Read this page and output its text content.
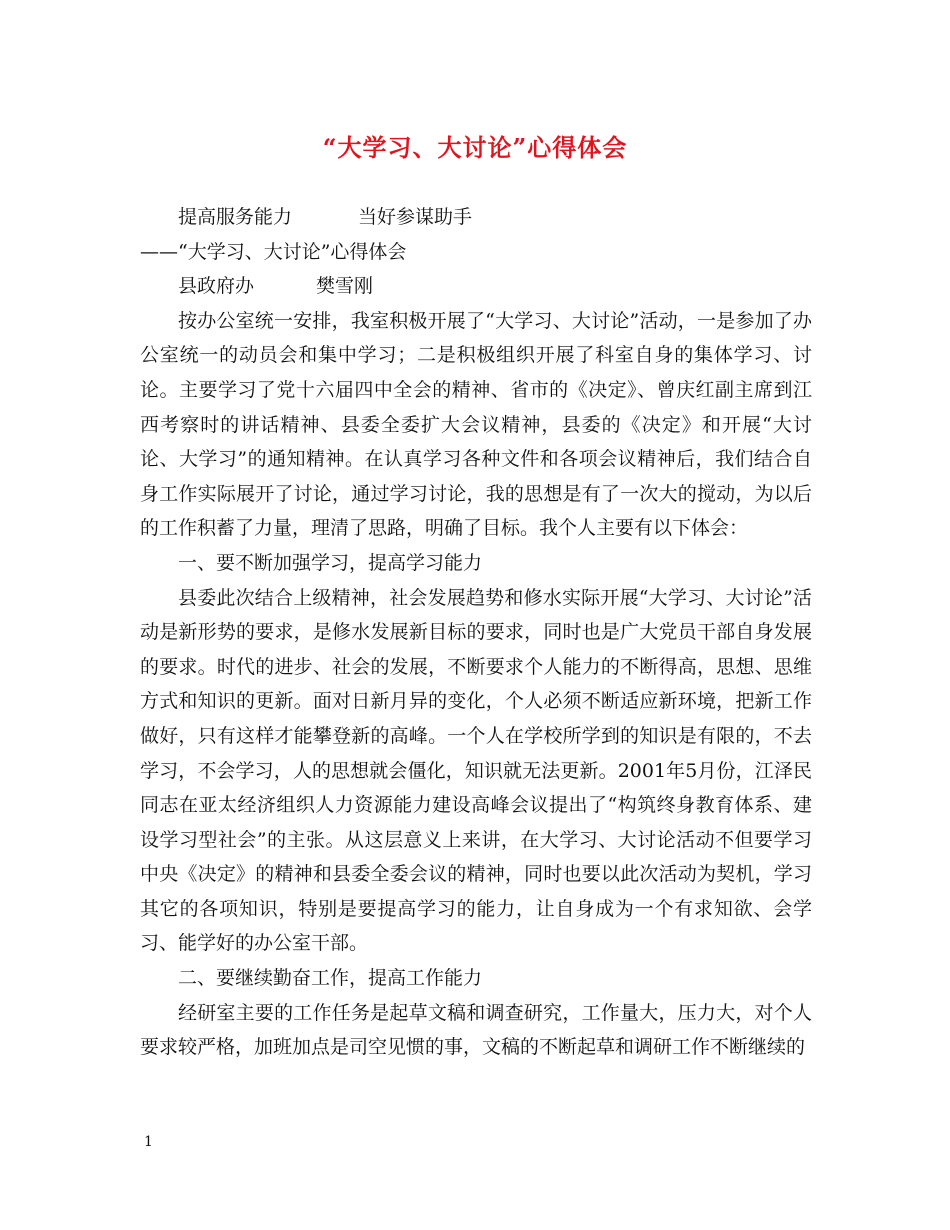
“大学习、大讨论”心得体会
提高服务能力	当好参谋助手
——“大学习、大讨论”心得体会
县政府办	樊雪刚

按办公室统一安排，我室积极开展了“大学习、大讨论”活动，一是参加了办公室统一的动员会和集中学习；二是积极组织开展了科室自身的集体学习、讨论。主要学习了党十六届四中全会的精神、省市的《决定》、曾庆红副主席到江西考察时的讲话精神、县委全委扩大会议精神，县委的《决定》和开展“大讨论、大学习”的通知精神。在认真学习各种文件和各项会议精神后，我们结合自身工作实际展开了讨论，通过学习讨论，我的思想是有了一次大的搅动，为以后的工作积蓄了力量，理清了思路，明确了目标。我个人主要有以下体会：

一、要不断加强学习，提高学习能力

县委此次结合上级精神，社会发展趋势和修水实际开展“大学习、大讨论”活动是新形势的要求，是修水发展新目标的要求，同时也是广大党员干部自身发展的要求。时代的进步、社会的发展，不断要求个人能力的不断得高，思想、思维方式和知识的更新。面对日新月异的变化，个人必须不断适应新环境，把新工作做好，只有这样才能攀登新的高峰。一个人在学校所学到的知识是有限的，不去学习，不会学习，人的思想就会僵化，知识就无法更新。2001年5月份，江泽民同志在亚太经济组织人力资源能力建设高峰会议提出了“构筑终身教育体系、建设学习型社会”的主张。从这层意义上来讲，在大学习、大讨论活动不但要学习中央《决定》的精神和县委全委会议的精神，同时也要以此次活动为契机，学习其它的各项知识，特别是要提高学习的能力，让自身成为一个有求知欲、会学习、能学好的办公室干部。

二、要继续勤奋工作，提高工作能力

经研室主要的工作任务是起草文稿和调查研究，工作量大，压力大，对个人要求较严格，加班加点是司空见惯的事，文稿的不断起草和调研工作不断继续的

1
